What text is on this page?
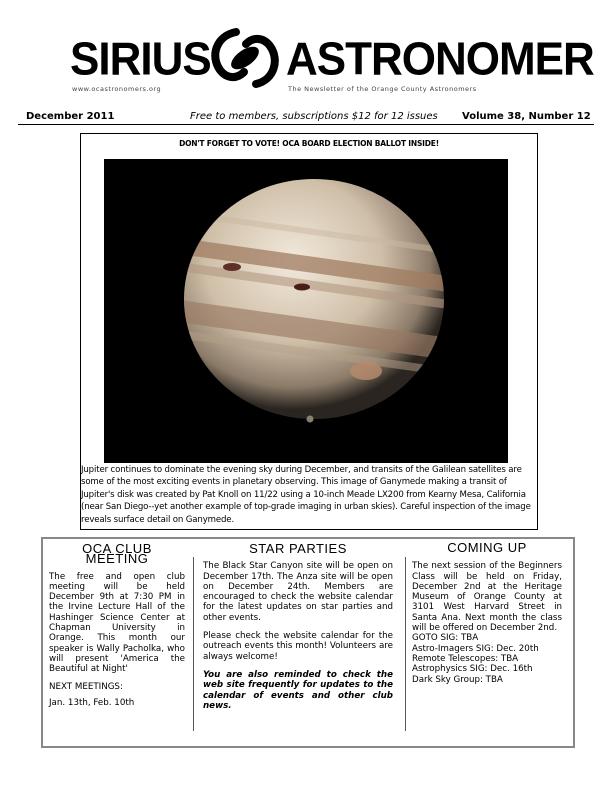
SIRIUS ASTRONOMER
www.ocastronomers.org	The Newsletter of the Orange County Astronomers
December 2011	Free to members, subscriptions $12 for 12 issues Volume 38, Number 12
DON'T FORGET TO VOTE! OCA BOARD ELECTION BALLOT INSIDE!
Jupiter continues to dominate the evening sky during December, and transits of the Galilean satellites are some of the most exciting events in planetary observing. This image of Ganymede making a transit of Jupiter's disk was created by Pat Knoll on 11/22 using a 10-inch Meade LX200 from Kearny Mesa, California (near San Diego--yet another example of top-grade imaging in urban skies). Careful inspection of the image reveals surface detail on Ganymede.
OCA CLUB MEETING

The free and open club meeting will be held December 9th at 7:30 PM in the Irvine Lecture Hall of the Hashinger Science Center at Chapman University in Orange. This month our speaker is Wally Pacholka, who will present 'America the Beautiful at Night'

NEXT MEETINGS:

Jan. 13th, Feb. 10th

STAR PARTIES

The Black Star Canyon site will be open on December 17th. The Anza site will be open on December 24th. Members are encouraged to check the website calendar for the latest updates on star parties and other events.

Please check the website calendar for the outreach events this month! Volunteers are always welcome!

You are also reminded to check the web site frequently for updates to the calendar of events and other club news.

COMING UP

The next session of the Beginners Class will be held on Friday, December 2nd at the Heritage Museum of Orange County at 3101 West Harvard Street in Santa Ana. Next month the class will be offered on December 2nd.

GOTO SIG: TBA

Astro-Imagers SIG: Dec. 20th

Remote Telescopes: TBA

Astrophysics SIG: Dec. 16th

Dark Sky Group: TBA
